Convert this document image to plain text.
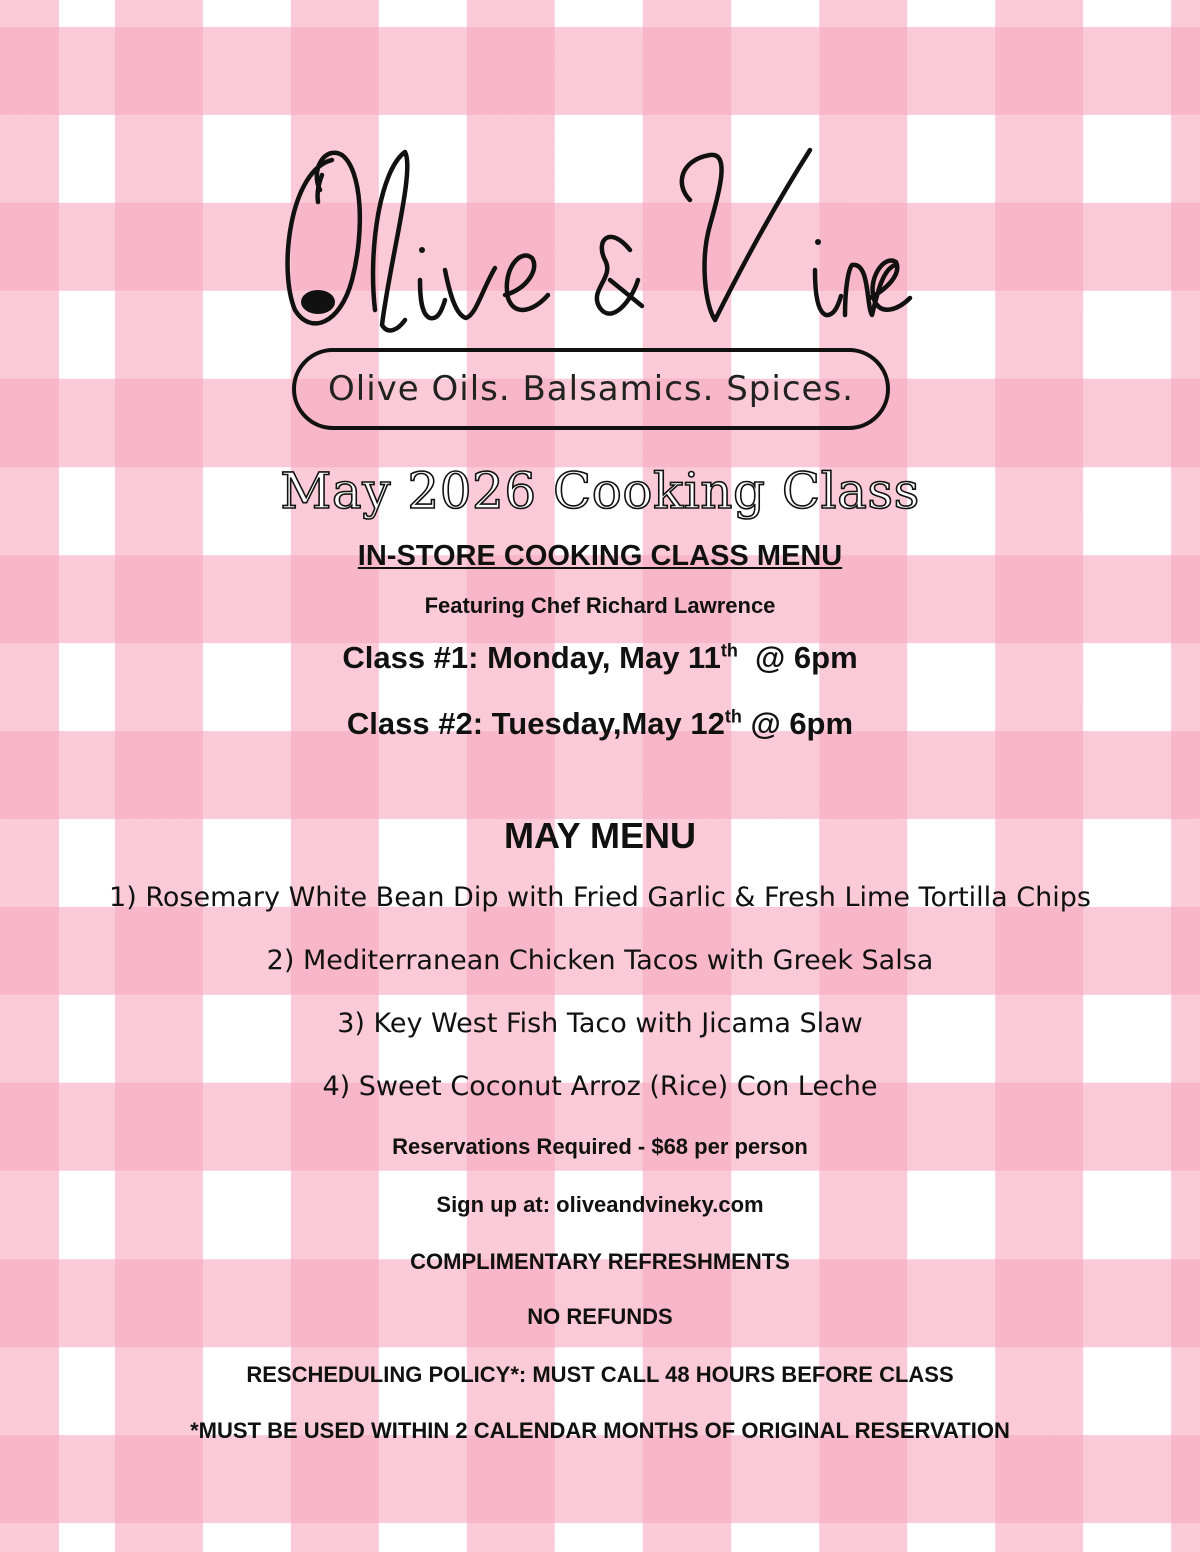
Olive Oils. Balsamics. Spices.
May 2026 Cooking Class
IN-STORE COOKING CLASS MENU
Featuring Chef Richard Lawrence
Class #1: Monday, May 11th  @ 6pm
Class #2: Tuesday,May 12th @ 6pm
MAY MENU
1) Rosemary White Bean Dip with Fried Garlic & Fresh Lime Tortilla Chips
2) Mediterranean Chicken Tacos with Greek Salsa
3) Key West Fish Taco with Jicama Slaw
4) Sweet Coconut Arroz (Rice) Con Leche
Reservations Required - $68 per person
Sign up at: oliveandvineky.com
COMPLIMENTARY REFRESHMENTS
NO REFUNDS
RESCHEDULING POLICY*: MUST CALL 48 HOURS BEFORE CLASS
*MUST BE USED WITHIN 2 CALENDAR MONTHS OF ORIGINAL RESERVATION
